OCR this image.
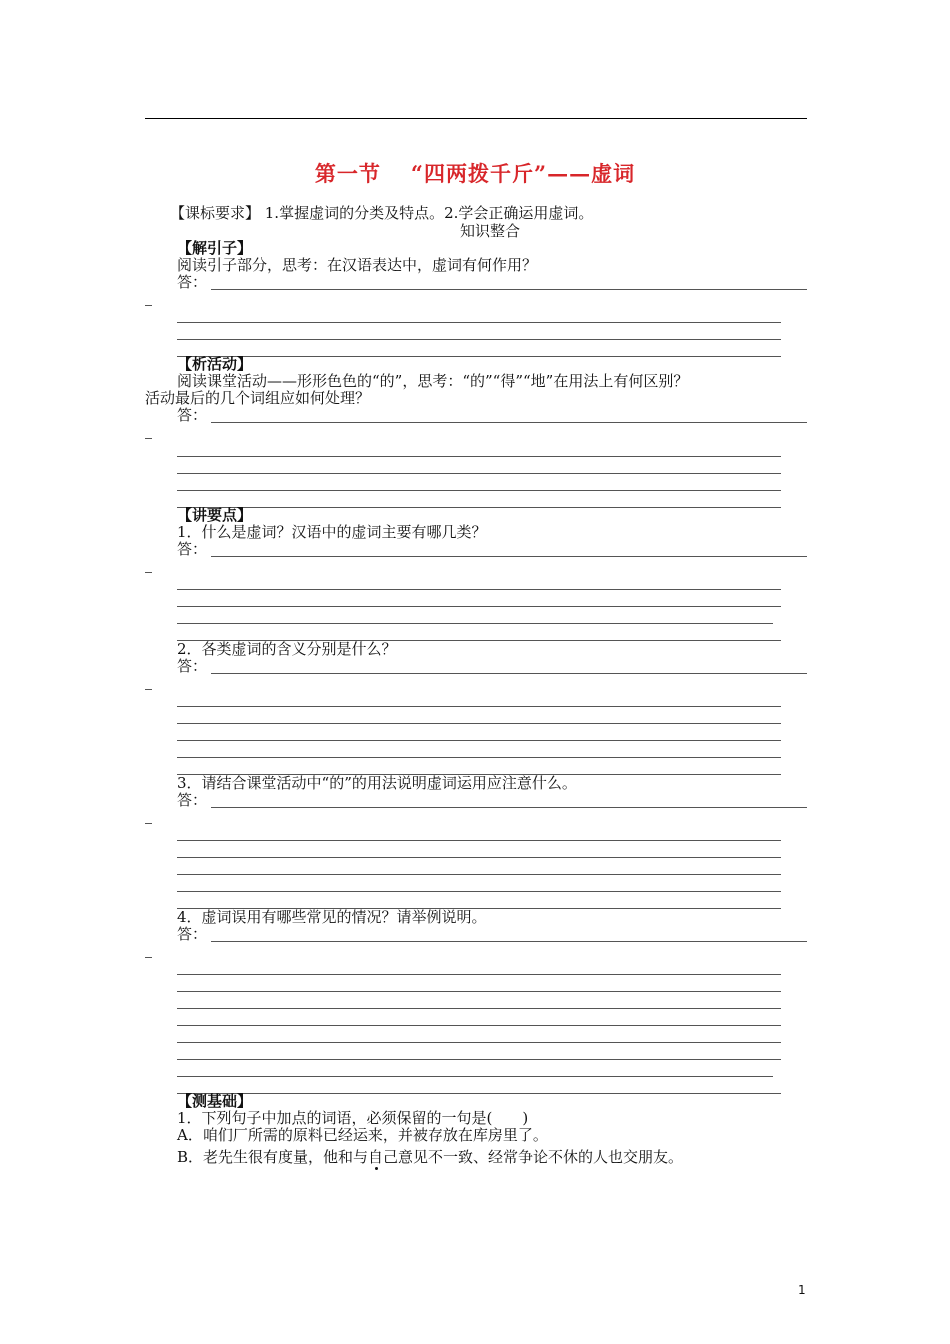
第一节 “四两拨千斤”——虚词
【课标要求】 1.掌握虚词的分类及特点。2.学会正确运用虚词。
知识整合
【解引子】
阅读引子部分，思考：在汉语表达中，虚词有何作用？
答：
【析活动】
阅读课堂活动——形形色色的“的”，思考：“的”“得”“地”在用法上有何区别？
活动最后的几个词组应如何处理？
答：
【讲要点】
1．什么是虚词？汉语中的虚词主要有哪几类？
答：
2．各类虚词的含义分别是什么？
答：
3．请结合课堂活动中“的”的用法说明虚词运用应注意什么。
答：
4．虚词误用有哪些常见的情况？请举例说明。
答：
【测基础】
1．下列句子中加点的词语，必须保留的一句是(　　)
A．咱们厂所需的原料已经运来，并被存放在库房里了。
B．老先生很有度量，他和与自己意见不一致、经常争论不休的人也交朋友。
1
